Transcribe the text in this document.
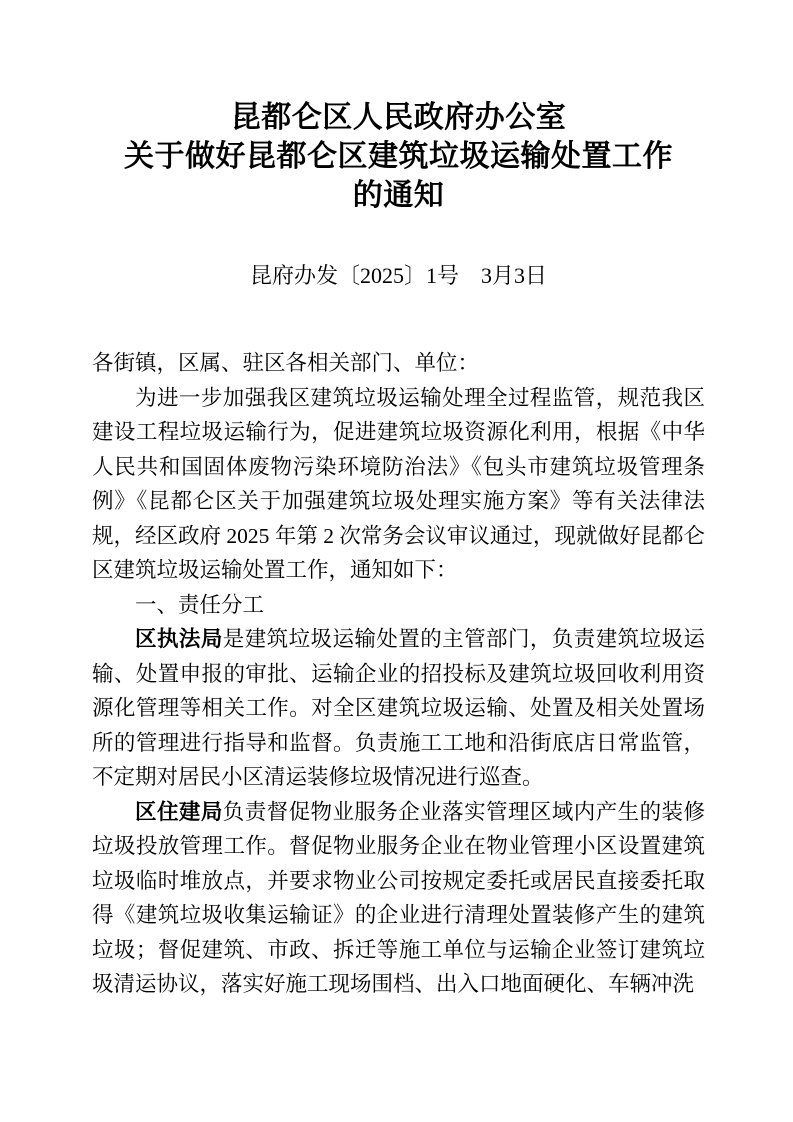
昆都仑区人民政府办公室
关于做好昆都仑区建筑垃圾运输处置工作
的通知

昆府办发〔2025〕1号　3月3日

各街镇，区属、驻区各相关部门、单位：

为进一步加强我区建筑垃圾运输处理全过程监管，规范我区建设工程垃圾运输行为，促进建筑垃圾资源化利用，根据《中华人民共和国固体废物污染环境防治法》《包头市建筑垃圾管理条例》《昆都仑区关于加强建筑垃圾处理实施方案》等有关法律法规，经区政府 2025 年第 2 次常务会议审议通过，现就做好昆都仑区建筑垃圾运输处置工作，通知如下：

一、责任分工

区执法局是建筑垃圾运输处置的主管部门，负责建筑垃圾运输、处置申报的审批、运输企业的招投标及建筑垃圾回收利用资源化管理等相关工作。对全区建筑垃圾运输、处置及相关处置场所的管理进行指导和监督。负责施工工地和沿街底店日常监管，不定期对居民小区清运装修垃圾情况进行巡查。

区住建局负责督促物业服务企业落实管理区域内产生的装修垃圾投放管理工作。督促物业服务企业在物业管理小区设置建筑垃圾临时堆放点，并要求物业公司按规定委托或居民直接委托取得《建筑垃圾收集运输证》的企业进行清理处置装修产生的建筑垃圾；督促建筑、市政、拆迁等施工单位与运输企业签订建筑垃圾清运协议，落实好施工现场围档、出入口地面硬化、车辆冲洗
